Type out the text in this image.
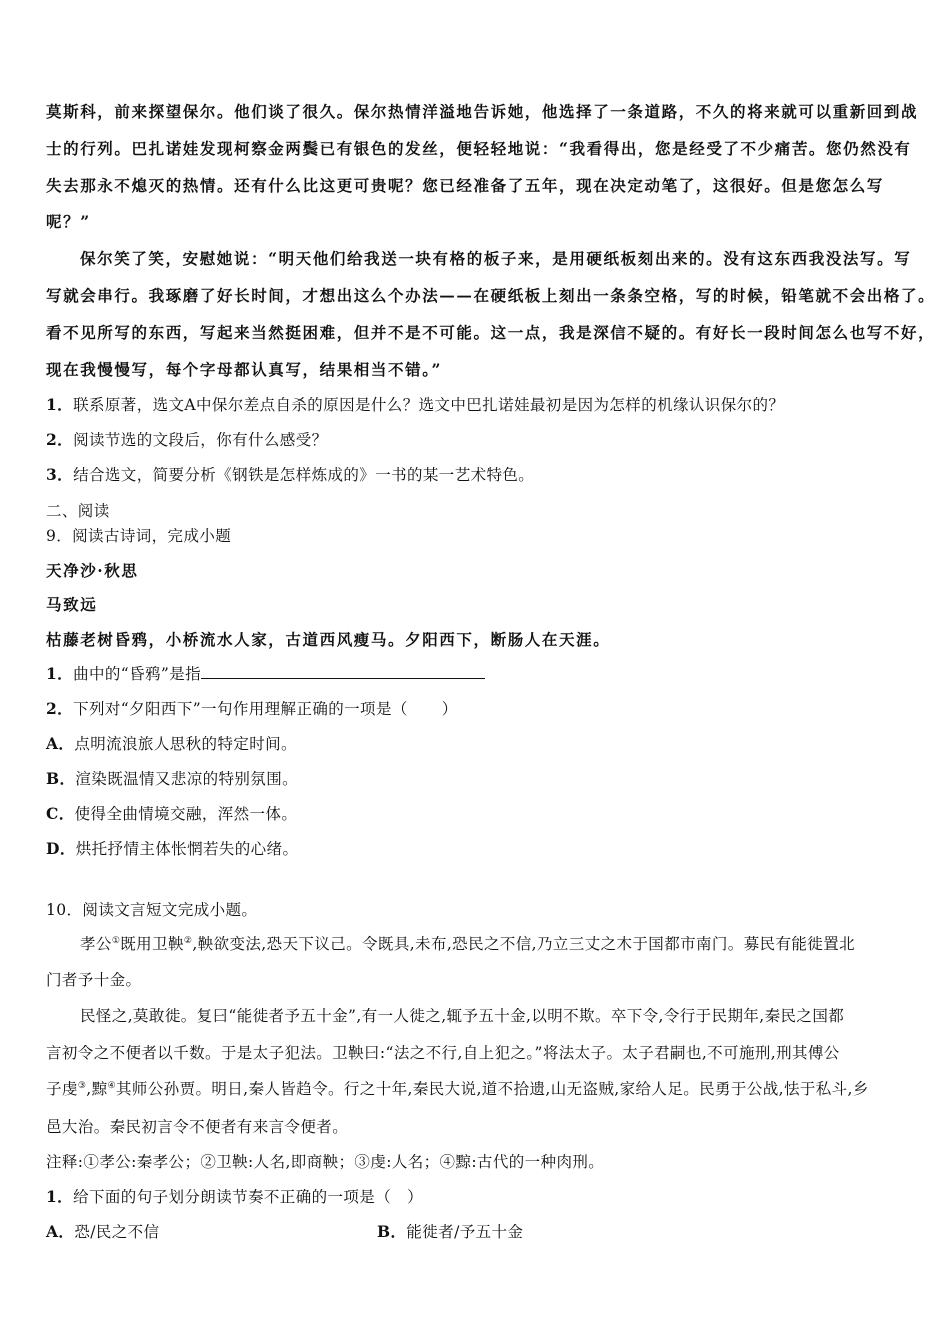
莫斯科，前来探望保尔。他们谈了很久。保尔热情洋溢地告诉她，他选择了一条道路，不久的将来就可以重新回到战
士的行列。巴扎诺娃发现柯察金两鬓已有银色的发丝，便轻轻地说：“我看得出，您是经受了不少痛苦。您仍然没有
失去那永不熄灭的热情。还有什么比这更可贵呢？您已经准备了五年，现在决定动笔了，这很好。但是您怎么写
呢？”
保尔笑了笑，安慰她说：“明天他们给我送一块有格的板子来，是用硬纸板刻出来的。没有这东西我没法写。写
写就会串行。我琢磨了好长时间，才想出这么个办法——在硬纸板上刻出一条条空格，写的时候，铅笔就不会出格了。
看不见所写的东西，写起来当然挺困难，但并不是不可能。这一点，我是深信不疑的。有好长一段时间怎么也写不好，
现在我慢慢写，每个字母都认真写，结果相当不错。”
1．联系原著，选文A中保尔差点自杀的原因是什么？选文中巴扎诺娃最初是因为怎样的机缘认识保尔的？
2．阅读节选的文段后，你有什么感受？
3．结合选文，简要分析《钢铁是怎样炼成的》一书的某一艺术特色。
二、阅读
9．阅读古诗词，完成小题
天净沙·秋思
马致远
枯藤老树昏鸦，小桥流水人家，古道西风瘦马。夕阳西下，断肠人在天涯。
1．曲中的“昏鸦”是指
2．下列对“夕阳西下”一句作用理解正确的一项是（ ）
A．点明流浪旅人思秋的特定时间。
B．渲染既温情又悲凉的特别氛围。
C．使得全曲情境交融，浑然一体。
D．烘托抒情主体怅惘若失的心绪。
10．阅读文言短文完成小题。
孝公①既用卫鞅②,鞅欲变法,恐天下议己。令既具,未布,恐民之不信,乃立三丈之木于国都市南门。募民有能徙置北
门者予十金。
民怪之,莫敢徙。复曰“能徙者予五十金”,有一人徙之,辄予五十金,以明不欺。卒下令,令行于民期年,秦民之国都
言初令之不便者以千数。于是太子犯法。卫鞅曰:“法之不行,自上犯之。”将法太子。太子君嗣也,不可施刑,刑其傅公
子虔③,黥④其师公孙贾。明日,秦人皆趋令。行之十年,秦民大说,道不拾遗,山无盗贼,家给人足。民勇于公战,怯于私斗,乡
邑大治。秦民初言令不便者有来言令便者。
注释:①孝公:秦孝公；②卫鞅:人名,即商鞅；③虔:人名；④黥:古代的一种肉刑。
1．给下面的句子划分朗读节奏不正确的一项是（ ）
A．恐/民之不信	B．能徙者/予五十金
